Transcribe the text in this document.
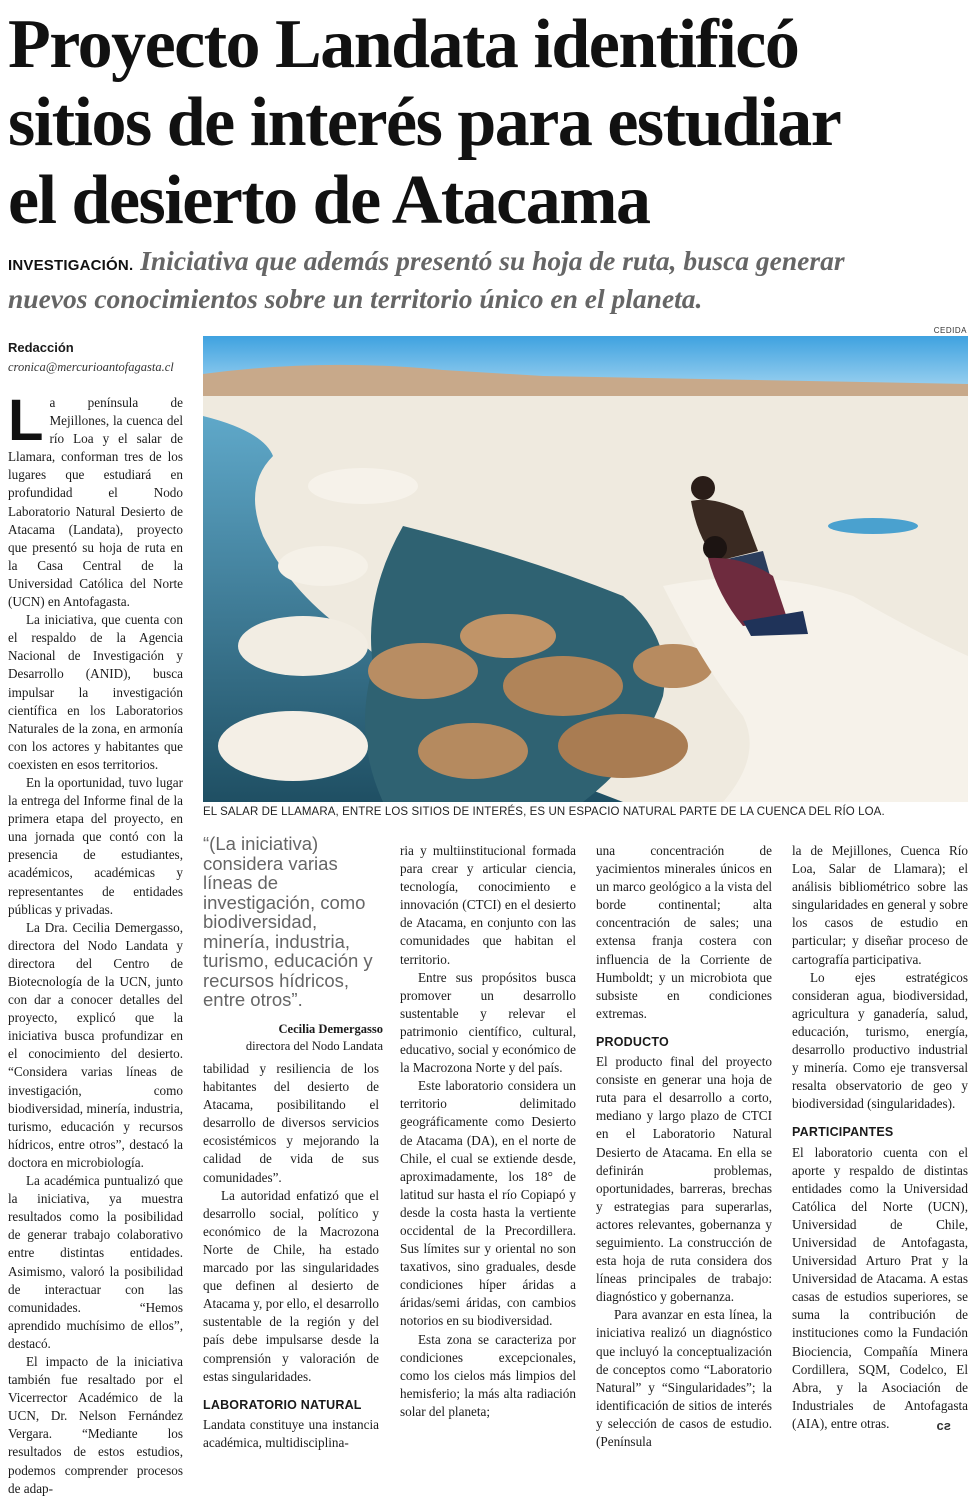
Proyecto Landata identificó
sitios de interés para estudiar
el desierto de Atacama
INVESTIGACIÓN. Iniciativa que además presentó su hoja de ruta, busca generar
nuevos conocimientos sobre un territorio único en el planeta.
Redacción
cronica@mercurioantofagasta.cl
CEDIDA
EL SALAR DE LLAMARA, ENTRE LOS SITIOS DE INTERÉS, ES UN ESPACIO NATURAL PARTE DE LA CUENCA DEL RÍO LOA.

La península de Mejillones, la cuenca del río Loa y el salar de Llamara, conforman tres de los lugares que estudiará en profundidad el Nodo Laboratorio Natural Desierto de Atacama (Landata), proyecto que presentó su hoja de ruta en la Casa Central de la Universidad Católica del Norte (UCN) en Antofagasta.

La iniciativa, que cuenta con el respaldo de la Agencia Nacional de Investigación y Desarrollo (ANID), busca impulsar la investigación científica en los Laboratorios Naturales de la zona, en armonía con los actores y habitantes que coexisten en esos territorios.

En la oportunidad, tuvo lugar la entrega del Informe final de la primera etapa del proyecto, en una jornada que contó con la presencia de estudiantes, académicos, académicas y representantes de entidades públicas y privadas.

La Dra. Cecilia Demergasso, directora del Nodo Landata y directora del Centro de Biotecnología de la UCN, junto con dar a conocer detalles del proyecto, explicó que la iniciativa busca profundizar en el conocimiento del desierto. “Considera varias líneas de investigación, como biodiversidad, minería, industria, turismo, educación y recursos hídricos, entre otros”, destacó la doctora en microbiología.

La académica puntualizó que la iniciativa, ya muestra resultados como la posibilidad de generar trabajo colaborativo entre distintas entidades. Asimismo, valoró la posibilidad de interactuar con las comunidades. “Hemos aprendido muchísimo de ellos”, destacó.

El impacto de la iniciativa también fue resaltado por el Vicerrector Académico de la UCN, Dr. Nelson Fernández Vergara. “Mediante los resultados de estos estudios, podemos comprender procesos de adap-

“(La iniciativa) considera varias líneas de investigación, como biodiversidad, minería, industria, turismo, educación y recursos hídricos, entre otros”.

Cecilia Demergasso
directora del Nodo Landata

tabilidad y resiliencia de los habitantes del desierto de Atacama, posibilitando el desarrollo de diversos servicios ecosistémicos y mejorando la calidad de vida de sus comunidades”.

La autoridad enfatizó que el desarrollo social, político y económico de la Macrozona Norte de Chile, ha estado marcado por las singularidades que definen al desierto de Atacama y, por ello, el desarrollo sustentable de la región y del país debe impulsarse desde la comprensión y valoración de estas singularidades.

LABORATORIO NATURAL

Landata constituye una instancia académica, multidisciplina-

ria y multiinstitucional formada para crear y articular ciencia, tecnología, conocimiento e innovación (CTCI) en el desierto de Atacama, en conjunto con las comunidades que habitan el territorio.

Entre sus propósitos busca promover un desarrollo sustentable y relevar el patrimonio científico, cultural, educativo, social y económico de la Macrozona Norte y del país.

Este laboratorio considera un territorio delimitado geográficamente como Desierto de Atacama (DA), en el norte de Chile, el cual se extiende desde, aproximadamente, los 18° de latitud sur hasta el río Copiapó y desde la costa hasta la vertiente occidental de la Precordillera. Sus límites sur y oriental no son taxativos, sino graduales, desde condiciones híper áridas a áridas/semi áridas, con cambios notorios en su biodiversidad.

Esta zona se caracteriza por condiciones excepcionales, como los cielos más limpios del hemisferio; la más alta radiación solar del planeta;

una concentración de yacimientos minerales únicos en un marco geológico a la vista del borde continental; alta concentración de sales; una extensa franja costera con influencia de la Corriente de Humboldt; y un microbiota que subsiste en condiciones extremas.

PRODUCTO

El producto final del proyecto consiste en generar una hoja de ruta para el desarrollo a corto, mediano y largo plazo de CTCI en el Laboratorio Natural Desierto de Atacama. En ella se definirán problemas, oportunidades, barreras, brechas y estrategias para superarlas, actores relevantes, gobernanza y seguimiento. La construcción de esta hoja de ruta considera dos líneas principales de trabajo: diagnóstico y gobernanza.

Para avanzar en esta línea, la iniciativa realizó un diagnóstico que incluyó la conceptualización de conceptos como “Laboratorio Natural” y “Singularidades”; la identificación de sitios de interés y selección de casos de estudio. (Península

la de Mejillones, Cuenca Río Loa, Salar de Llamara); el análisis bibliométrico sobre las singularidades en general y sobre los casos de estudio en particular; y diseñar proceso de cartografía participativa.

Lo ejes estratégicos consideran agua, biodiversidad, agricultura y ganadería, salud, educación, turismo, energía, desarrollo productivo industrial y minería. Como eje transversal resalta observatorio de geo y biodiversidad (singularidades).

PARTICIPANTES

El laboratorio cuenta con el aporte y respaldo de distintas entidades como la Universidad Católica del Norte (UCN), Universidad de Chile, Universidad de Antofagasta, Universidad Arturo Prat y la Universidad de Atacama. A estas casas de estudios superiores, se suma la contribución de instituciones como la Fundación Biociencia, Compañía Minera Cordillera, SQM, Codelco, El Abra, y la Asociación de Industriales de Antofagasta (AIA), entre otras.	cƨ
